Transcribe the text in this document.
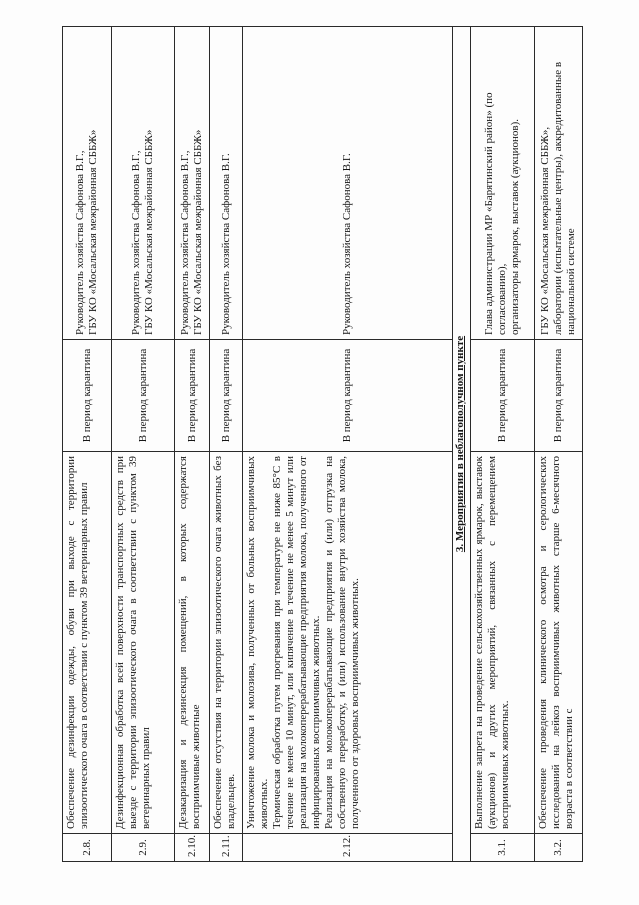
2.8.	Обеспечение дезинфекции одежды, обуви при выходе с территории эпизоотического очага в соответствии с пунктом 39 ветеринарных правил	В период карантина	Руководитель хозяйства Сафонова В.Г., ГБУ КО «Мосальская межрайонная СББЖ»

2.9.	Дезинфекционная обработка всей поверхности транспортных средств при выезде с территории эпизоотического очага в соответствии с пунктом 39 ветеринарных правил	В период карантина	Руководитель хозяйства Сафонова В.Г., ГБУ КО «Мосальская межрайонная СББЖ»

2.10.	Дезакаризация и дезинсекция помещений, в которых содержатся восприимчивые животные	В период карантина	Руководитель хозяйства Сафонова В.Г., ГБУ КО «Мосальская межрайонная СББЖ»

2.11.	Обеспечение отсутствия на территории эпизоотического очага животных без владельцев.	В период карантина	Руководитель хозяйства Сафонова В.Г.

2.12.	Уничтожение молока и молозива, полученных от больных восприимчивых животных. Термическая обработка путем прогревания при температуре не ниже 85°С в течение не менее 10 минут, или кипячение в течение не менее 5 минут или реализация на молокоперерабатывающие предприятия молока, полученного от инфицированных восприимчивых животных. Реализация на молокоперерабатывающие предприятия и (или) отгрузка на собственную переработку, и (или) использование внутри хозяйства молока, полученного от здоровых восприимчивых животных.	В период карантина	Руководитель хозяйства Сафонова В.Г.

3. Мероприятия в неблагополучном пункте			
3.1.	Выполнение запрета на проведение сельскохозяйственных ярмарок, выставок (аукционов) и других мероприятий, связанных с перемещением восприимчивых животных.	В период карантина	Глава администрации МР «Барятинский район» (по согласованию), организаторы ярмарок, выставок (аукционов).

3.2.	Обеспечение проведения клинического осмотра и серологических исследований на лейкоз восприимчивых животных старше 6-месячного возраста в соответствии с	В период карантина	ГБУ КО «Мосальская межрайонная СББЖ», лаборатории (испытательные центры), аккредитованные в национальной системе
